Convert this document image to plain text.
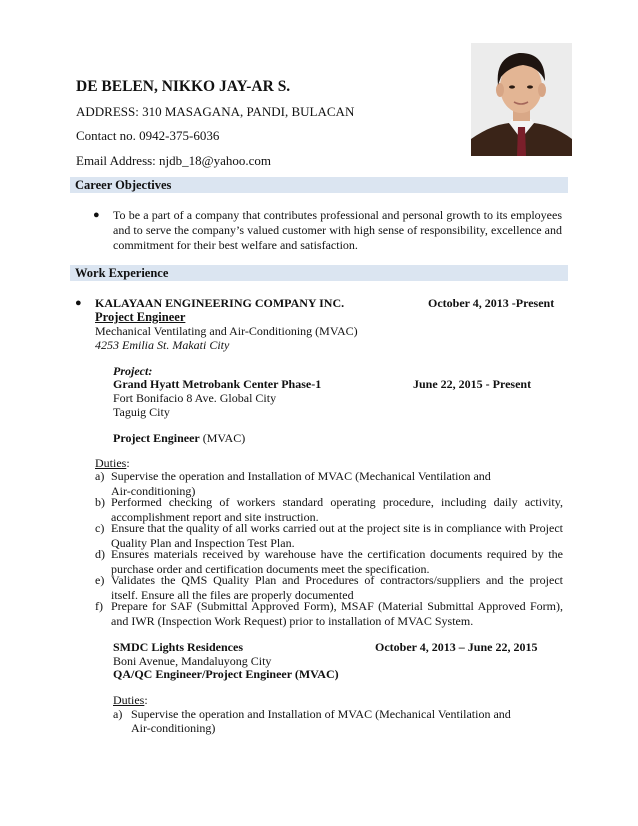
DE BELEN, NIKKO JAY-AR S.
ADDRESS: 310 MASAGANA, PANDI, BULACAN
Contact no. 0942-375-6036
Email Address: njdb_18@yahoo.com
Career Objectives
● To be a part of a company that contributes professional and personal growth to its employees and to serve the company’s valued customer with high sense of responsibility, excellence and commitment for their best welfare and satisfaction.
Work Experience
● KALAYAAN ENGINEERING COMPANY INC.	October 4, 2013 -Present
Project Engineer
Mechanical Ventilating and Air-Conditioning (MVAC)
4253 Emilia St. Makati City
Project:
Grand Hyatt Metrobank Center Phase-1	June 22, 2015 - Present
Fort Bonifacio 8 Ave. Global City
Taguig City
Project Engineer (MVAC)
Duties:
a) Supervise the operation and Installation of MVAC (Mechanical Ventilation and
Air-conditioning)
b) Performed checking of workers standard operating procedure, including daily activity,
accomplishment report and site instruction.
c) Ensure that the quality of all works carried out at the project site is in compliance with Project
Quality Plan and Inspection Test Plan.
d) Ensures materials received by warehouse have the certification documents required by the
purchase order and certification documents meet the specification.
e) Validates the QMS Quality Plan and Procedures of contractors/suppliers and the project
itself. Ensure all the files are properly documented
f) Prepare for SAF (Submittal Approved Form), MSAF (Material Submittal Approved Form),
and IWR (Inspection Work Request) prior to installation of MVAC System.
SMDC Lights Residences	October 4, 2013 – June 22, 2015
Boni Avenue, Mandaluyong City
QA/QC Engineer/Project Engineer (MVAC)
Duties:
a) Supervise the operation and Installation of MVAC (Mechanical Ventilation and
Air-conditioning)
